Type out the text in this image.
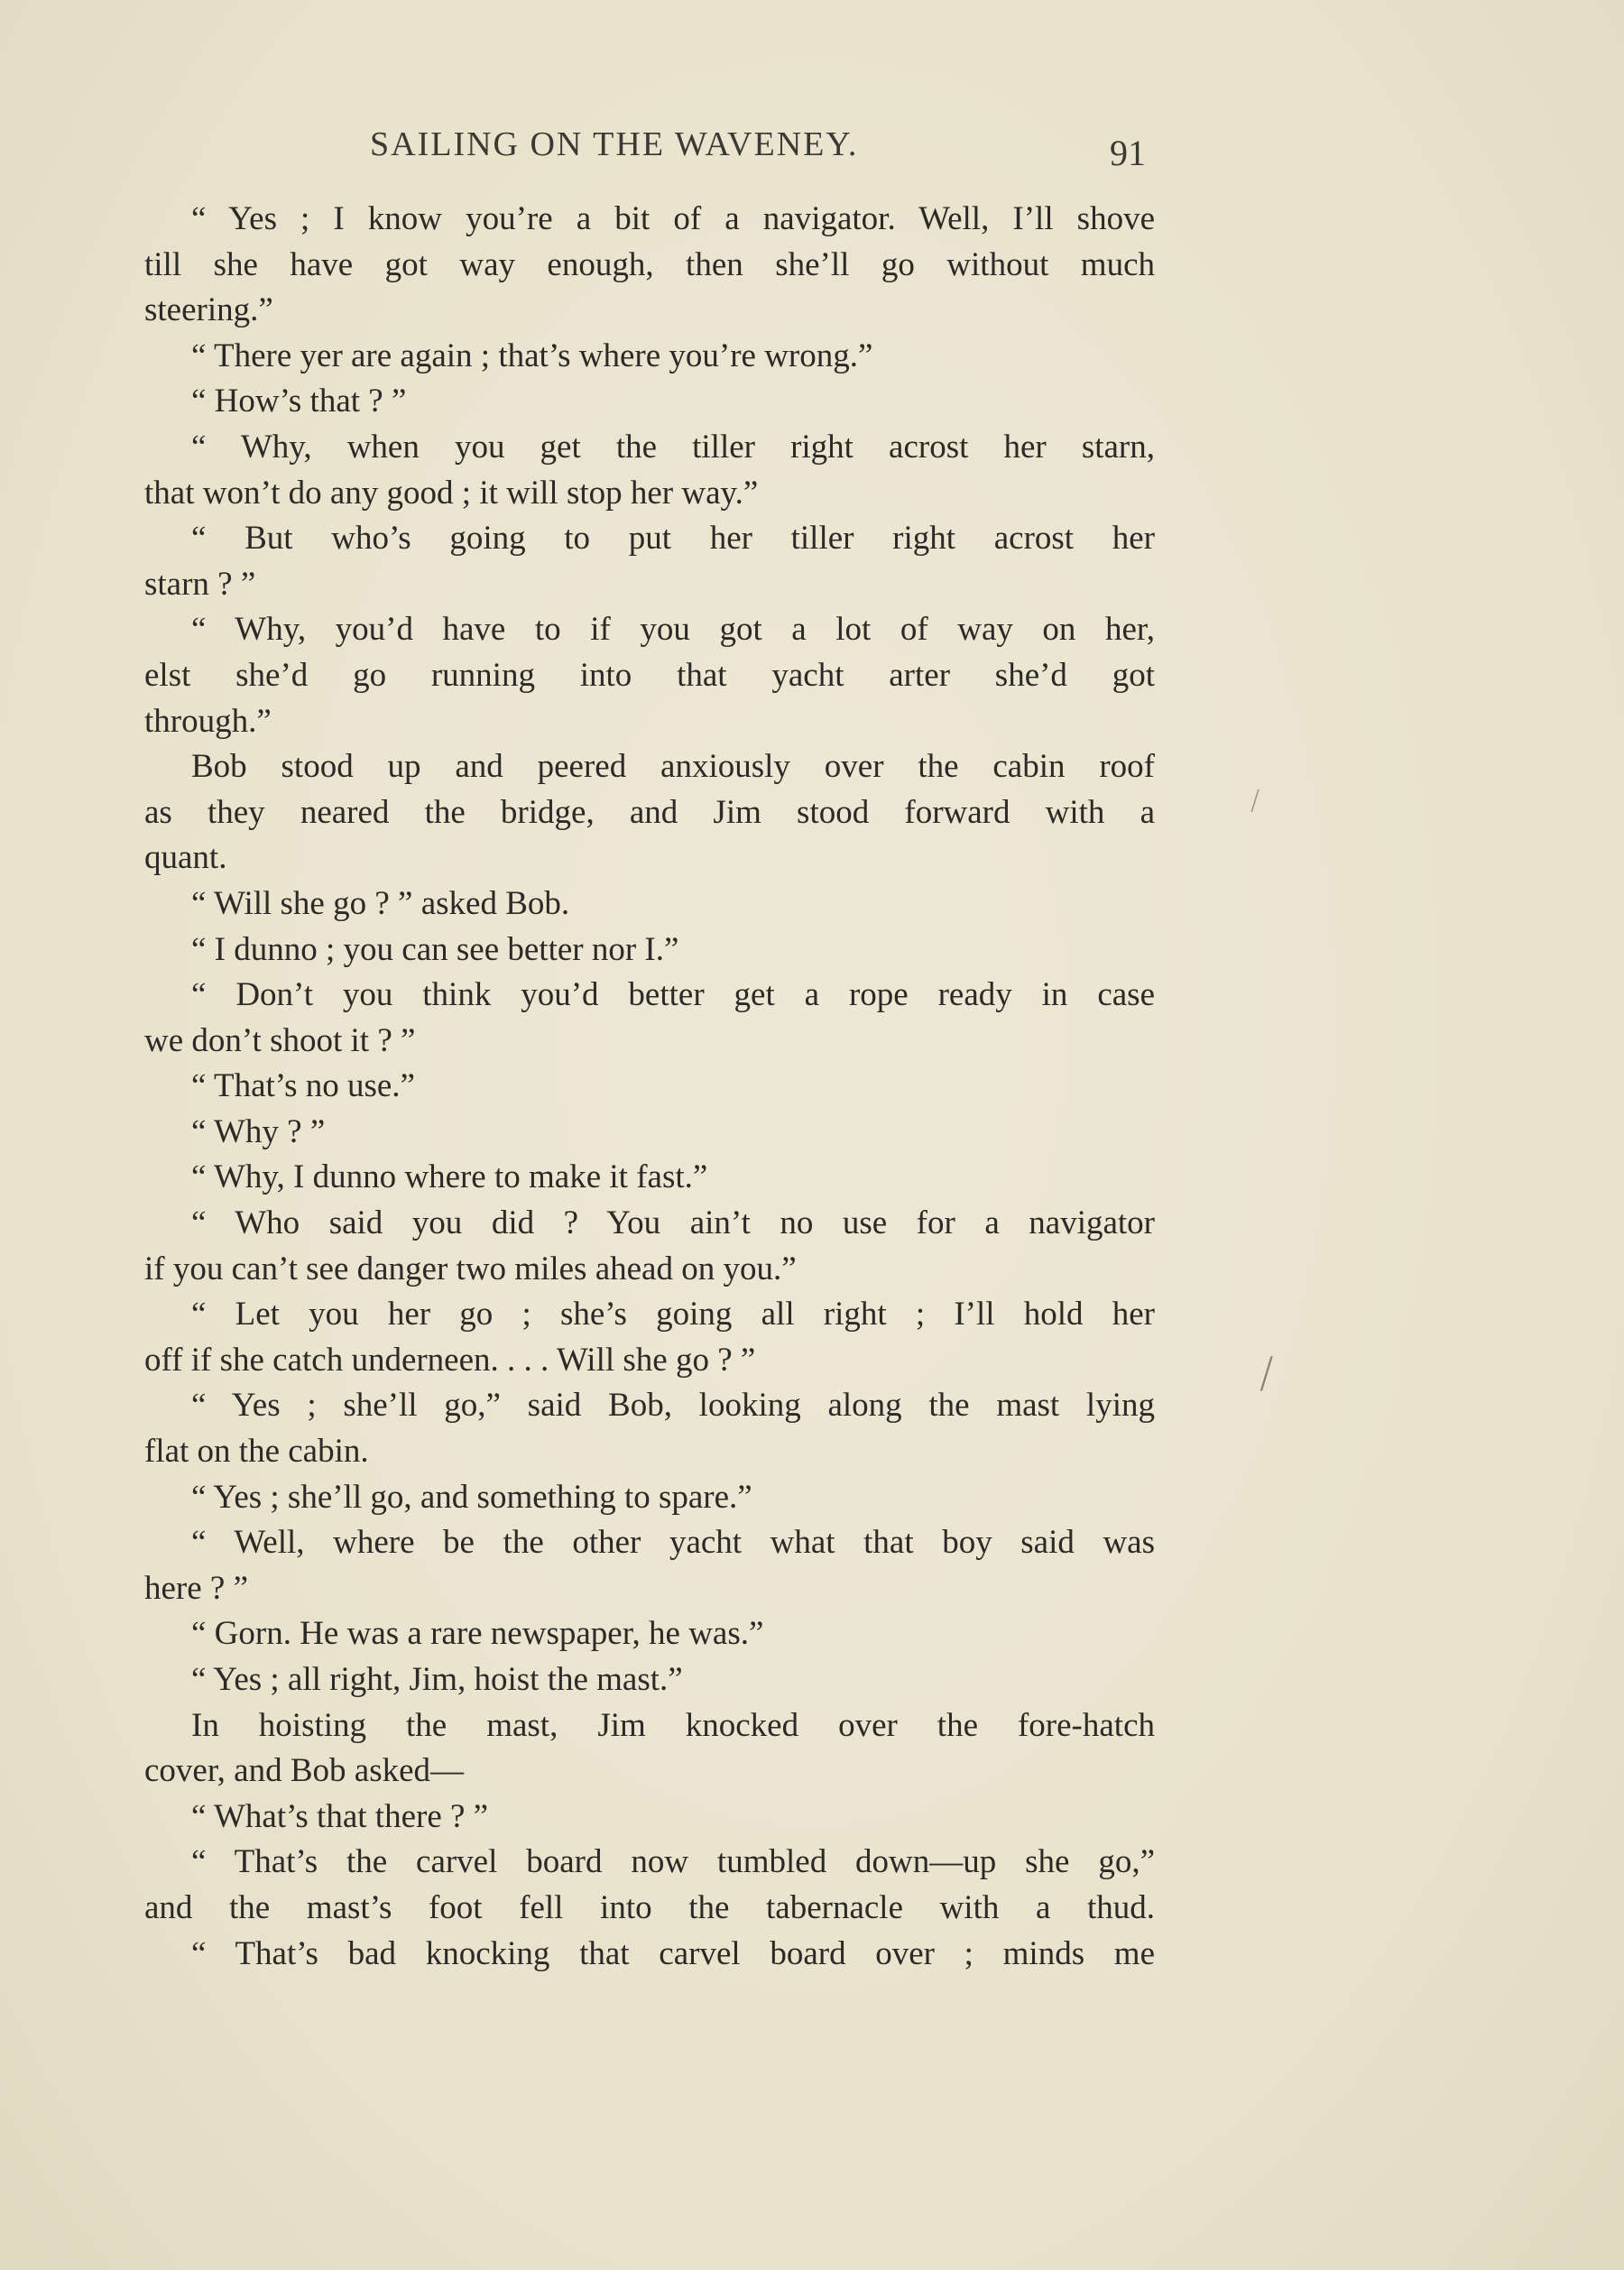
SAILING ON THE WAVENEY.	91
“ Yes ; I know you’re a bit of a navigator. Well, I’ll shove
till she have got way enough, then she’ll go without much
steering.”
“ There yer are again ; that’s where you’re wrong.”
“ How’s that ? ”
“ Why, when you get the tiller right acrost her starn,
that won’t do any good ; it will stop her way.”
“ But who’s going to put her tiller right acrost her
starn ? ”
“ Why, you’d have to if you got a lot of way on her,
elst she’d go running into that yacht arter she’d got
through.”
Bob stood up and peered anxiously over the cabin roof
as they neared the bridge, and Jim stood forward with a
quant.
“ Will she go ? ” asked Bob.
“ I dunno ; you can see better nor I.”
“ Don’t you think you’d better get a rope ready in case
we don’t shoot it ? ”
“ That’s no use.”
“ Why ? ”
“ Why, I dunno where to make it fast.”
“ Who said you did ? You ain’t no use for a navigator
if you can’t see danger two miles ahead on you.”
“ Let you her go ; she’s going all right ; I’ll hold her
off if she catch underneen. . . . Will she go ? ”
“ Yes ; she’ll go,” said Bob, looking along the mast lying
flat on the cabin.
“ Yes ; she’ll go, and something to spare.”
“ Well, where be the other yacht what that boy said was
here ? ”
“ Gorn. He was a rare newspaper, he was.”
“ Yes ; all right, Jim, hoist the mast.”
In hoisting the mast, Jim knocked over the fore-hatch
cover, and Bob asked—
“ What’s that there ? ”
“ That’s the carvel board now tumbled down—up she go,”
and the mast’s foot fell into the tabernacle with a thud.
“ That’s bad knocking that carvel board over ; minds me
/
/
